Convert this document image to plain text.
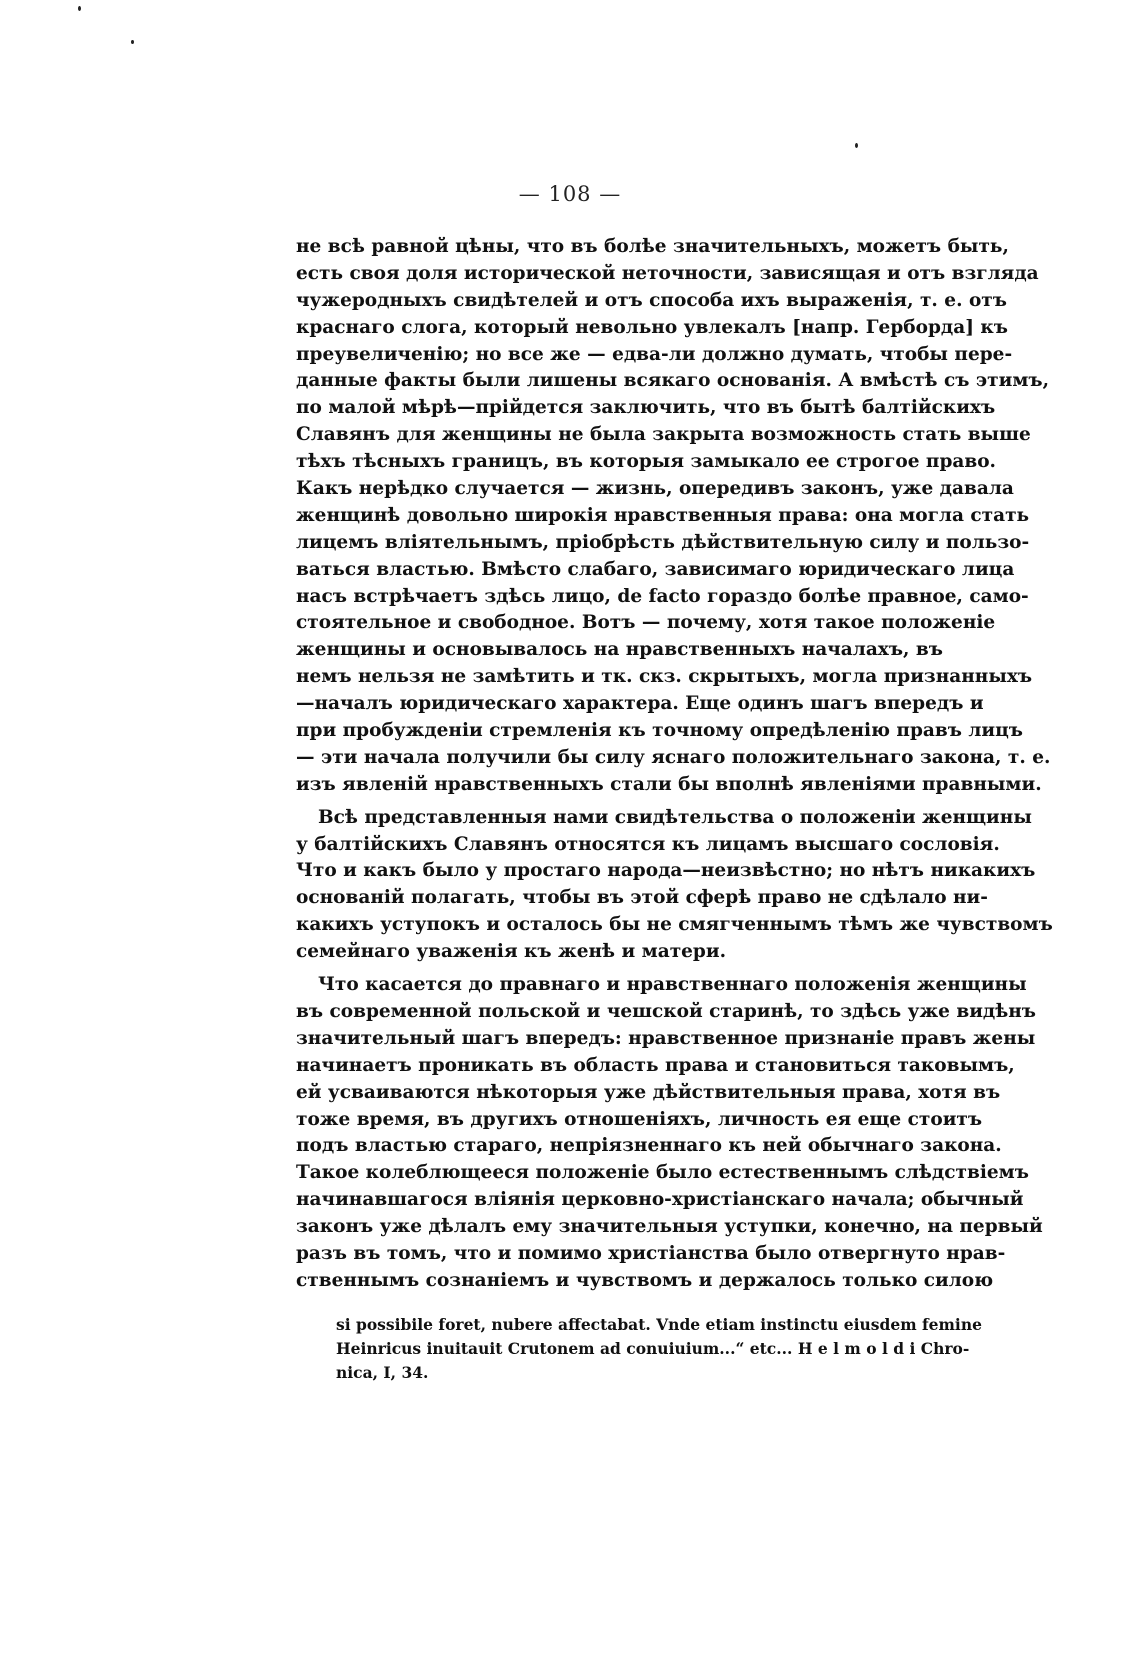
— 108 —
не всѣ равной цѣны, что въ болѣе значительныхъ, можетъ быть,
есть своя доля исторической неточности, зависящая и отъ взгляда
чужеродныхъ свидѣтелей и отъ способа ихъ выраженія, т. е. отъ
краснаго слога, который невольно увлекалъ [напр. Герборда] къ
преувеличенію; но все же — едва-ли должно думать, чтобы пере-
данные факты были лишены всякаго основанія. А вмѣстѣ съ этимъ,
по малой мѣрѣ—прійдется заключить, что въ бытѣ балтійскихъ
Славянъ для женщины не была закрыта возможность стать выше
тѣхъ тѣсныхъ границъ, въ которыя замыкало ее строгое право.
Какъ нерѣдко случается — жизнь, опередивъ законъ, уже давала
женщинѣ довольно широкія нравственныя права: она могла стать
лицемъ вліятельнымъ, пріобрѣсть дѣйствительную силу и пользо-
ваться властью. Вмѣсто слабаго, зависимаго юридическаго лица
насъ встрѣчаетъ здѣсь лицо, de facto гораздо болѣе правное, само-
стоятельное и свободное. Вотъ — почему, хотя такое положеніе
женщины и основывалось на нравственныхъ началахъ, въ
немъ нельзя не замѣтить и тк. скз. скрытыхъ, могла признанныхъ
—началъ юридическаго характера. Еще одинъ шагъ впередъ и
при пробужденіи стремленія къ точному опредѣленію правъ лицъ
— эти начала получили бы силу яснаго положительнаго закона, т. е.
изъ явленій нравственныхъ стали бы вполнѣ явленіями правными.
Всѣ представленныя нами свидѣтельства о положеніи женщины
у балтійскихъ Славянъ относятся къ лицамъ высшаго сословія.
Что и какъ было у простаго народа—неизвѣстно; но нѣтъ никакихъ
основаній полагать, чтобы въ этой сферѣ право не сдѣлало ни-
какихъ уступокъ и осталось бы не смягченнымъ тѣмъ же чувствомъ
семейнаго уваженія къ женѣ и матери.
Что касается до правнаго и нравственнаго положенія женщины
въ современной польской и чешской старинѣ, то здѣсь уже видѣнъ
значительный шагъ впередъ: нравственное признаніе правъ жены
начинаетъ проникать въ область права и становиться таковымъ,
ей усваиваются нѣкоторыя уже дѣйствительныя права, хотя въ
тоже время, въ другихъ отношеніяхъ, личность ея еще стоитъ
подъ властью стараго, непріязненнаго къ ней обычнаго закона.
Такое колеблющееся положеніе было естественнымъ слѣдствіемъ
начинавшагося вліянія церковно-христіанскаго начала; обычный
законъ уже дѣлалъ ему значительныя уступки, конечно, на первый
разъ въ томъ, что и помимо христіанства было отвергнуто нрав-
ственнымъ сознаніемъ и чувствомъ и держалось только силою
si possibile foret, nubere affectabat. Vnde etiam instinctu eiusdem femine
Heinricus inuitauit Crutonem ad conuiuium...“ etc... H e l m o l d i Chro-
nica, I, 34.
